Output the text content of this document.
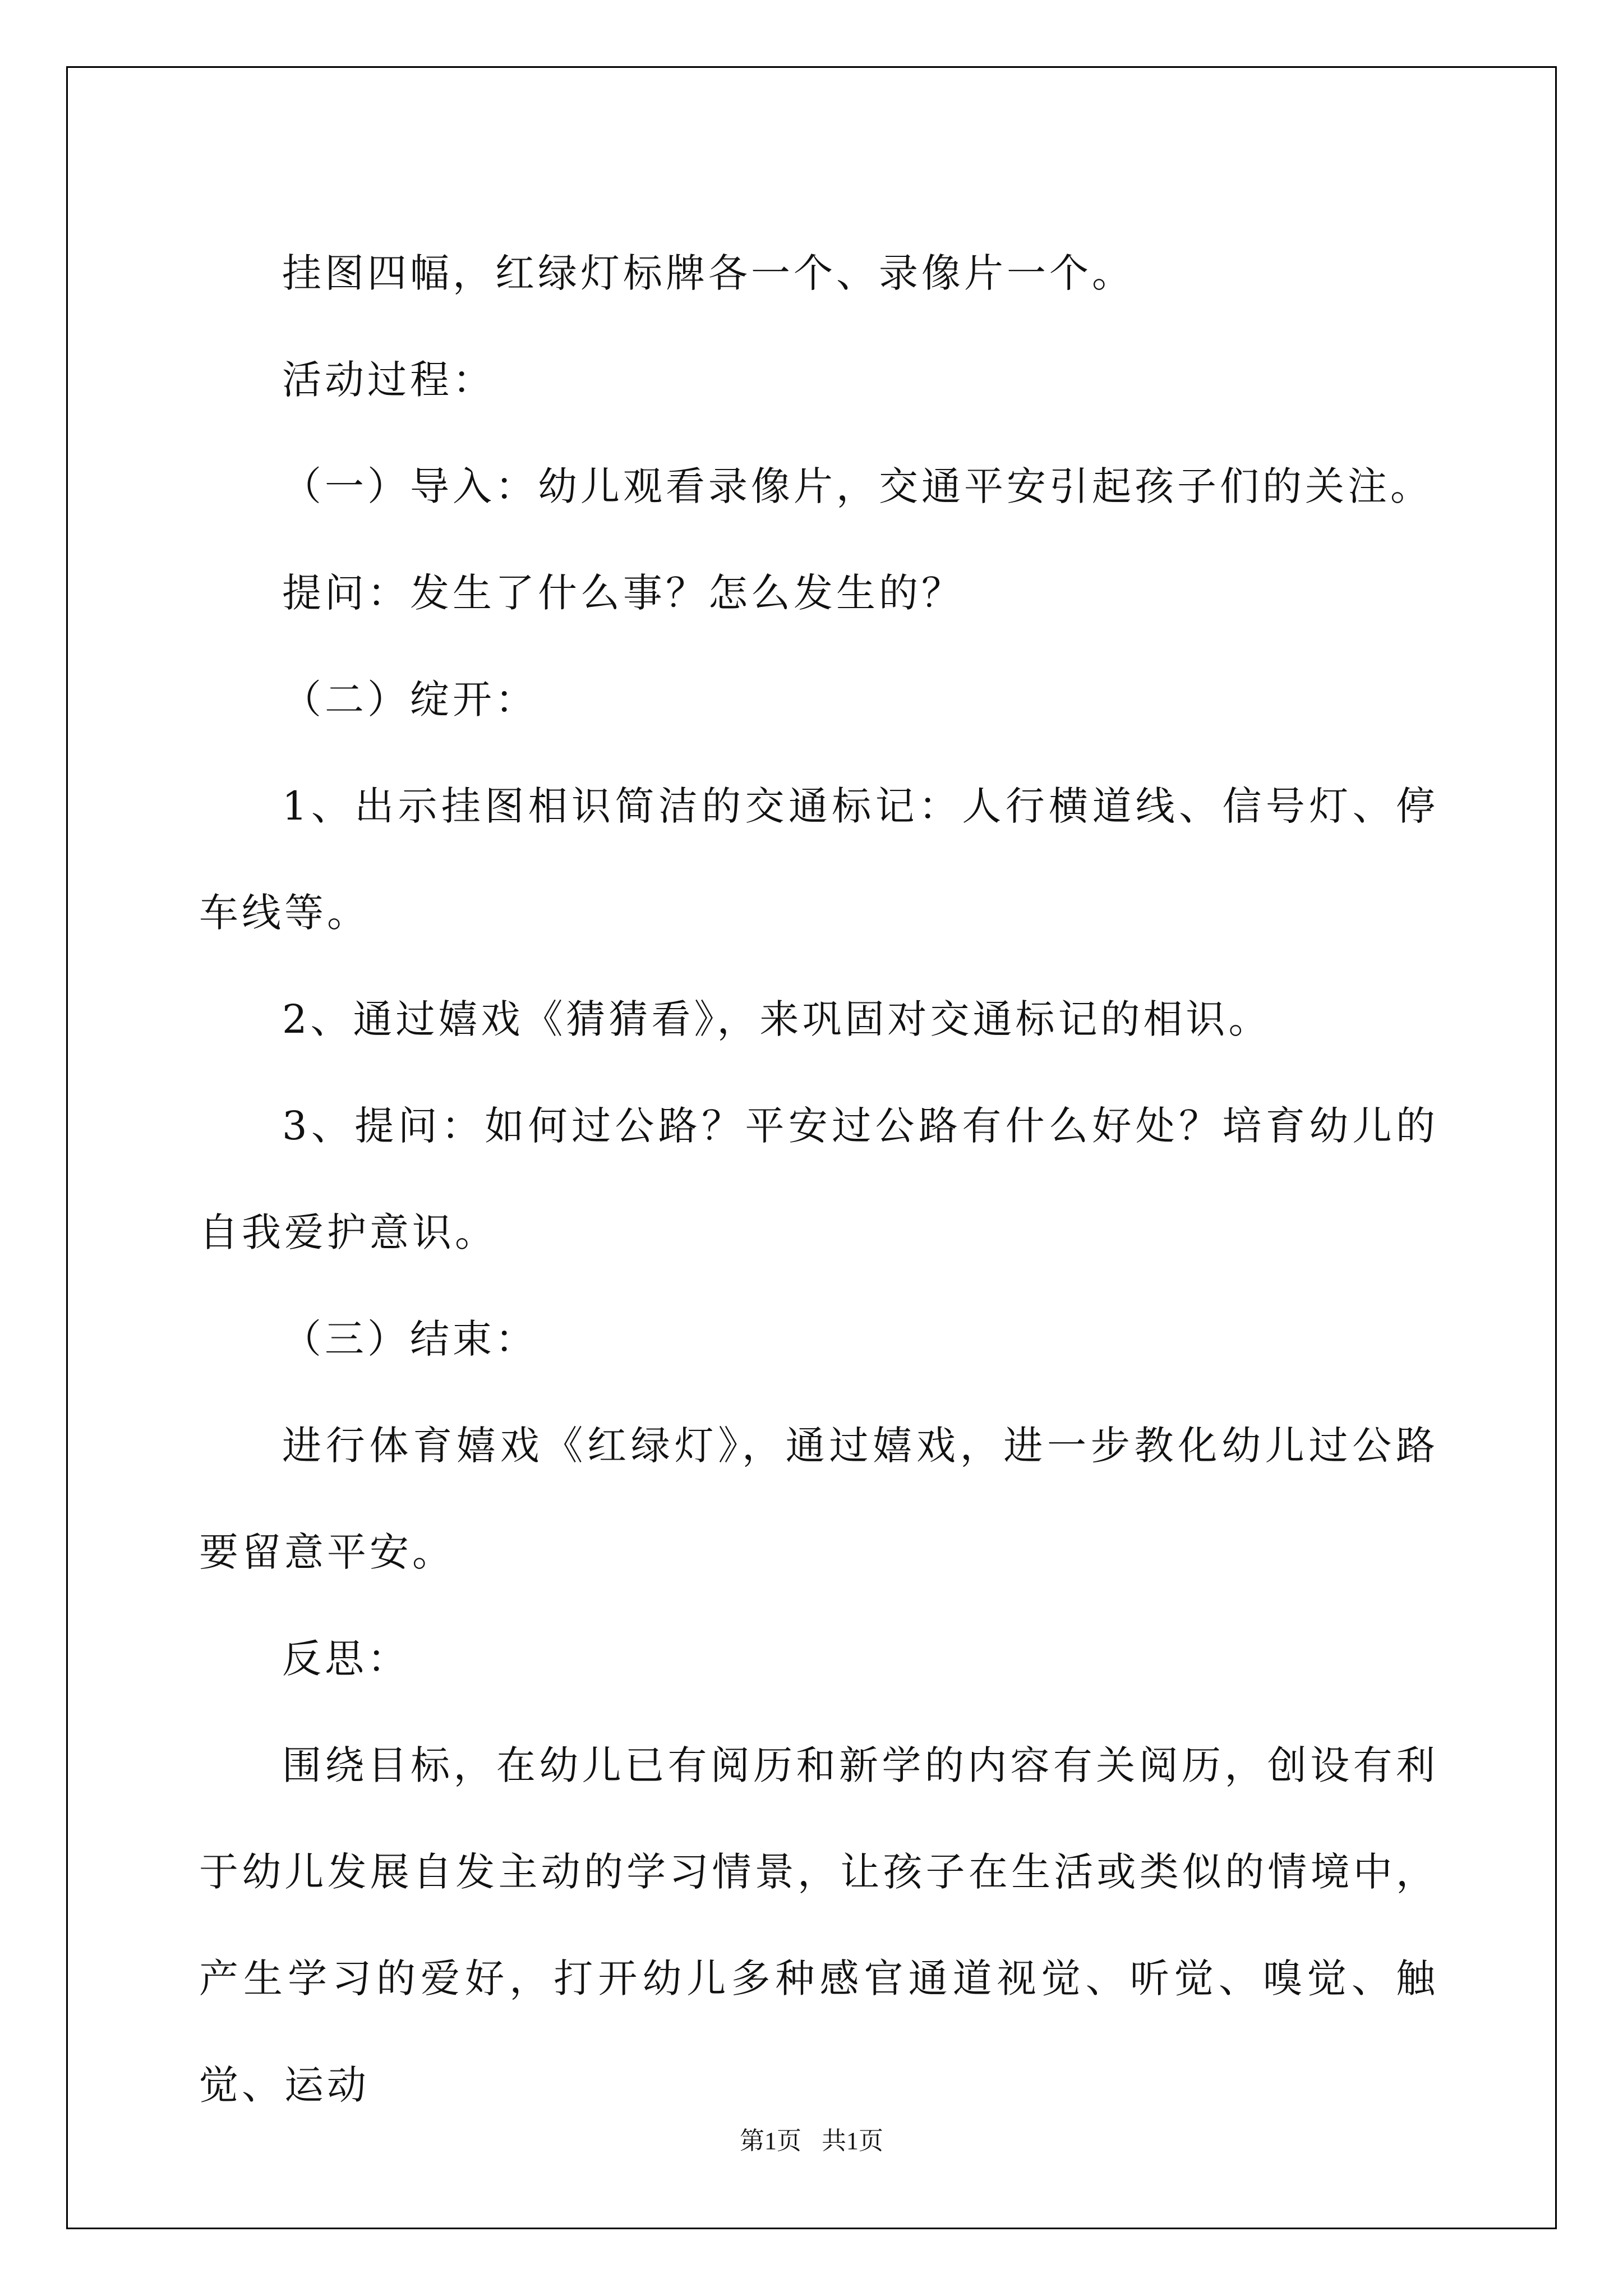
挂图四幅，红绿灯标牌各一个、录像片一个。

活动过程：

（一）导入：幼儿观看录像片，交通平安引起孩子们的关注。

提问：发生了什么事？怎么发生的？

（二）绽开：

1、出示挂图相识简洁的交通标记：人行横道线、信号灯、停车线等。

2、通过嬉戏《猜猜看》，来巩固对交通标记的相识。

3、提问：如何过公路？平安过公路有什么好处？培育幼儿的自我爱护意识。

（三）结束：

进行体育嬉戏《红绿灯》，通过嬉戏，进一步教化幼儿过公路要留意平安。

反思：

围绕目标，在幼儿已有阅历和新学的内容有关阅历，创设有利于幼儿发展自发主动的学习情景，让孩子在生活或类似的情境中，产生学习的爱好，打开幼儿多种感官通道视觉、听觉、嗅觉、触觉、运动

第1页 共1页
